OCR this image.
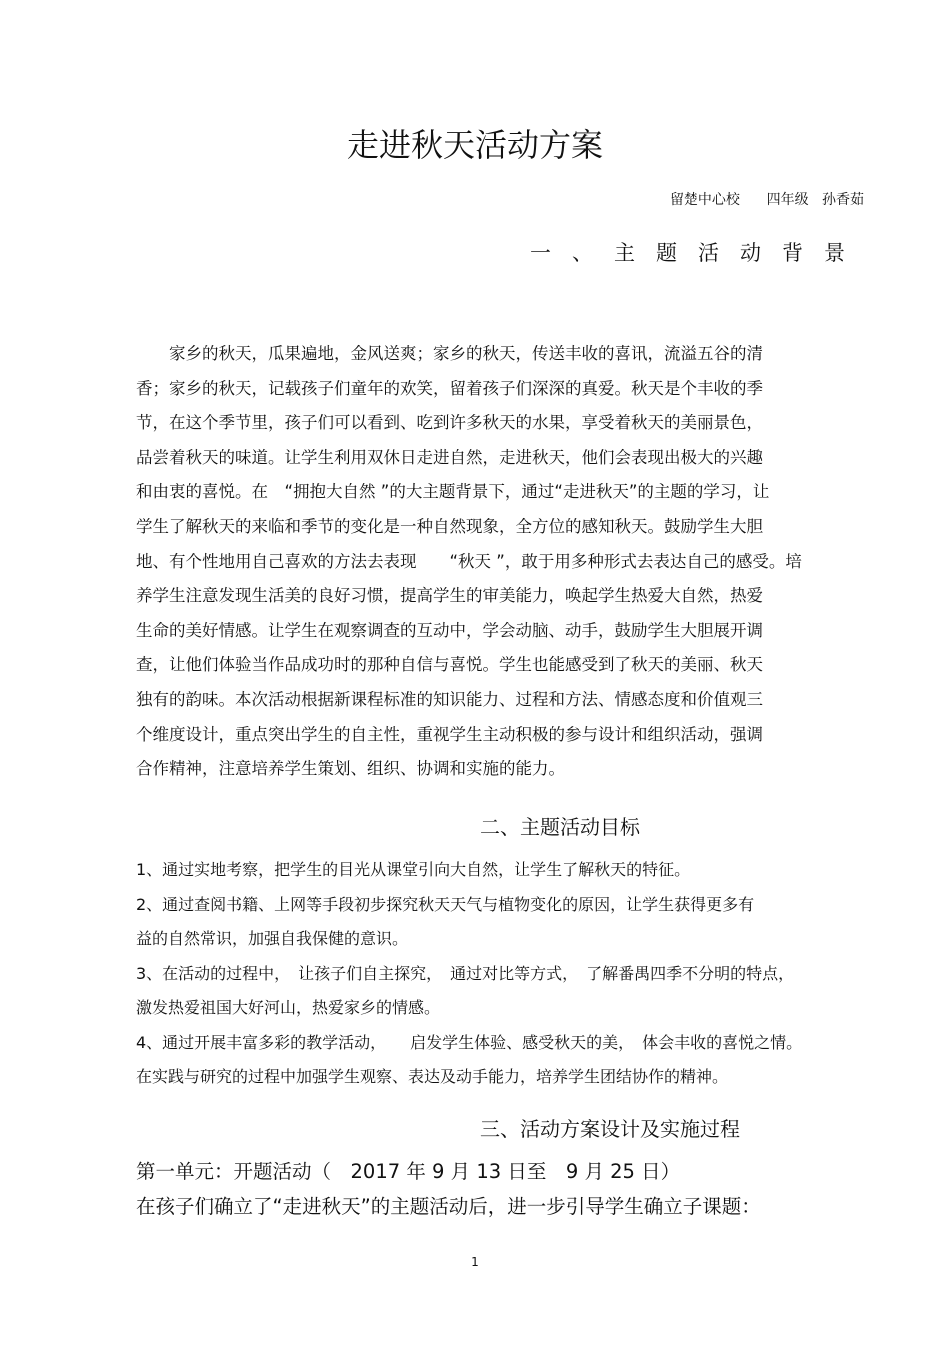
走进秋天活动方案
留楚中心校      四年级   孙香茹
一、主题活动背景
　　家乡的秋天，瓜果遍地，金风送爽；家乡的秋天，传送丰收的喜讯，流溢五谷的清
香；家乡的秋天，记载孩子们童年的欢笑，留着孩子们深深的真爱。秋天是个丰收的季
节，在这个季节里，孩子们可以看到、吃到许多秋天的水果，享受着秋天的美丽景色，
品尝着秋天的味道。让学生利用双休日走进自然，走进秋天，他们会表现出极大的兴趣
和由衷的喜悦。在　“拥抱大自然 ”的大主题背景下，通过“走进秋天”的主题的学习，让
学生了解秋天的来临和季节的变化是一种自然现象，全方位的感知秋天。鼓励学生大胆
地、有个性地用自己喜欢的方法去表现　　“秋天 ”，敢于用多种形式去表达自己的感受。培
养学生注意发现生活美的良好习惯，提高学生的审美能力，唤起学生热爱大自然，热爱
生命的美好情感。让学生在观察调查的互动中，学会动脑、动手，鼓励学生大胆展开调
查，让他们体验当作品成功时的那种自信与喜悦。学生也能感受到了秋天的美丽、秋天
独有的韵味。本次活动根据新课程标准的知识能力、过程和方法、情感态度和价值观三
个维度设计，重点突出学生的自主性，重视学生主动积极的参与设计和组织活动，强调
合作精神，注意培养学生策划、组织、协调和实施的能力。
二、主题活动目标
1、通过实地考察，把学生的目光从课堂引向大自然，让学生了解秋天的特征。
2、通过查阅书籍、上网等手段初步探究秋天天气与植物变化的原因，让学生获得更多有
益的自然常识，加强自我保健的意识。
3、在活动的过程中，　让孩子们自主探究，　通过对比等方式，　了解番禺四季不分明的特点，
激发热爱祖国大好河山，热爱家乡的情感。
4、通过开展丰富多彩的教学活动，　　启发学生体验、感受秋天的美，　体会丰收的喜悦之情。
在实践与研究的过程中加强学生观察、表达及动手能力，培养学生团结协作的精神。
三、活动方案设计及实施过程
第一单元：开题活动（　2017 年 9 月 13 日至　9 月 25 日）
在孩子们确立了“走进秋天”的主题活动后，进一步引导学生确立子课题：
1
